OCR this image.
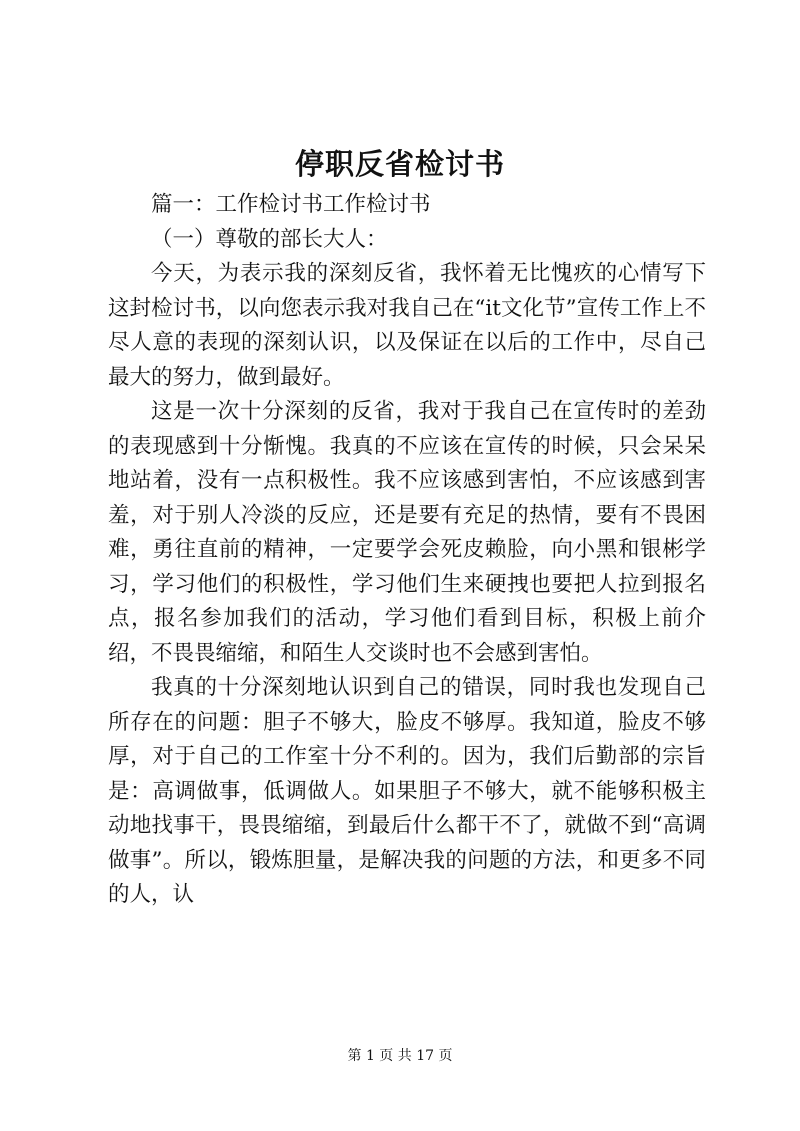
停职反省检讨书

篇一：工作检讨书工作检讨书

（一）尊敬的部长大人：

今天，为表示我的深刻反省，我怀着无比愧疚的心情写下这封检讨书，以向您表示我对我自己在“it文化节”宣传工作上不尽人意的表现的深刻认识，以及保证在以后的工作中，尽自己最大的努力，做到最好。

这是一次十分深刻的反省，我对于我自己在宣传时的差劲的表现感到十分惭愧。我真的不应该在宣传的时候，只会呆呆地站着，没有一点积极性。我不应该感到害怕，不应该感到害羞，对于别人冷淡的反应，还是要有充足的热情，要有不畏困难，勇往直前的精神，一定要学会死皮赖脸，向小黑和银彬学习，学习他们的积极性，学习他们生来硬拽也要把人拉到报名点，报名参加我们的活动，学习他们看到目标，积极上前介绍，不畏畏缩缩，和陌生人交谈时也不会感到害怕。

我真的十分深刻地认识到自己的错误，同时我也发现自己所存在的问题：胆子不够大，脸皮不够厚。我知道，脸皮不够厚，对于自己的工作室十分不利的。因为，我们后勤部的宗旨是：高调做事，低调做人。如果胆子不够大，就不能够积极主动地找事干，畏畏缩缩，到最后什么都干不了，就做不到“高调做事”。所以，锻炼胆量，是解决我的问题的方法，和更多不同的人，认

第 1 页 共 17 页
